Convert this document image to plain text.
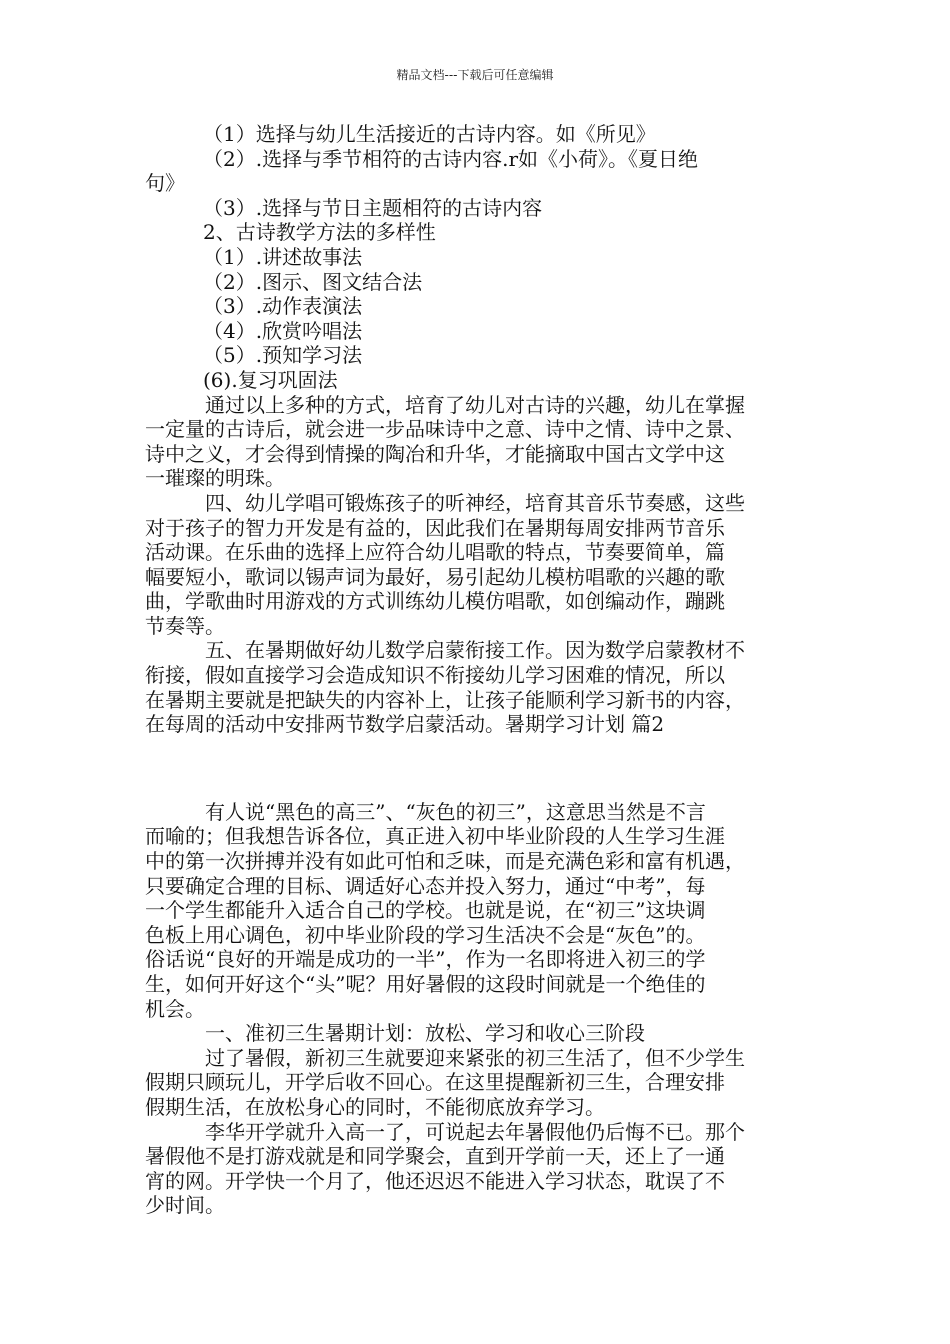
精品文档---下载后可任意编辑
（1）选择与幼儿生活接近的古诗内容。如《所见》
（2）.选择与季节相符的古诗内容.r如《小荷》。《夏日绝
句》
（3）.选择与节日主题相符的古诗内容
2、古诗教学方法的多样性
（1）.讲述故事法
（2）.图示、图文结合法
（3）.动作表演法
（4）.欣赏吟唱法
（5）.预知学习法
(6).复习巩固法
通过以上多种的方式，培育了幼儿对古诗的兴趣，幼儿在掌握
一定量的古诗后，就会进一步品味诗中之意、诗中之情、诗中之景、
诗中之义，才会得到情操的陶冶和升华，才能摘取中国古文学中这
一璀璨的明珠。
四、幼儿学唱可锻炼孩子的听神经，培育其音乐节奏感，这些
对于孩子的智力开发是有益的，因此我们在暑期每周安排两节音乐
活动课。在乐曲的选择上应符合幼儿唱歌的特点，节奏要简单，篇
幅要短小，歌词以锡声词为最好，易引起幼儿模枋唱歌的兴趣的歌
曲，学歌曲时用游戏的方式训练幼儿模仿唱歌，如创编动作，蹦跳
节奏等。
五、在暑期做好幼儿数学启蒙衔接工作。因为数学启蒙教材不
衔接，假如直接学习会造成知识不衔接幼儿学习困难的情况，所以
在暑期主要就是把缺失的内容补上，让孩子能顺利学习新书的内容，
在每周的活动中安排两节数学启蒙活动。暑期学习计划 篇2
有人说“黑色的高三”、“灰色的初三”，这意思当然是不言
而喻的；但我想告诉各位，真正进入初中毕业阶段的人生学习生涯
中的第一次拼搏并没有如此可怕和乏味，而是充满色彩和富有机遇，
只要确定合理的目标、调适好心态并投入努力，通过“中考”，每
一个学生都能升入适合自己的学校。也就是说，在“初三”这块调
色板上用心调色，初中毕业阶段的学习生活决不会是“灰色”的。
俗话说“良好的开端是成功的一半”，作为一名即将进入初三的学
生，如何开好这个“头”呢？用好暑假的这段时间就是一个绝佳的
机会。
一、准初三生暑期计划：放松、学习和收心三阶段
过了暑假，新初三生就要迎来紧张的初三生活了，但不少学生
假期只顾玩儿，开学后收不回心。在这里提醒新初三生，合理安排
假期生活，在放松身心的同时，不能彻底放弃学习。
李华开学就升入高一了，可说起去年暑假他仍后悔不已。那个
暑假他不是打游戏就是和同学聚会，直到开学前一天，还上了一通
宵的网。开学快一个月了，他还迟迟不能进入学习状态，耽误了不
少时间。
